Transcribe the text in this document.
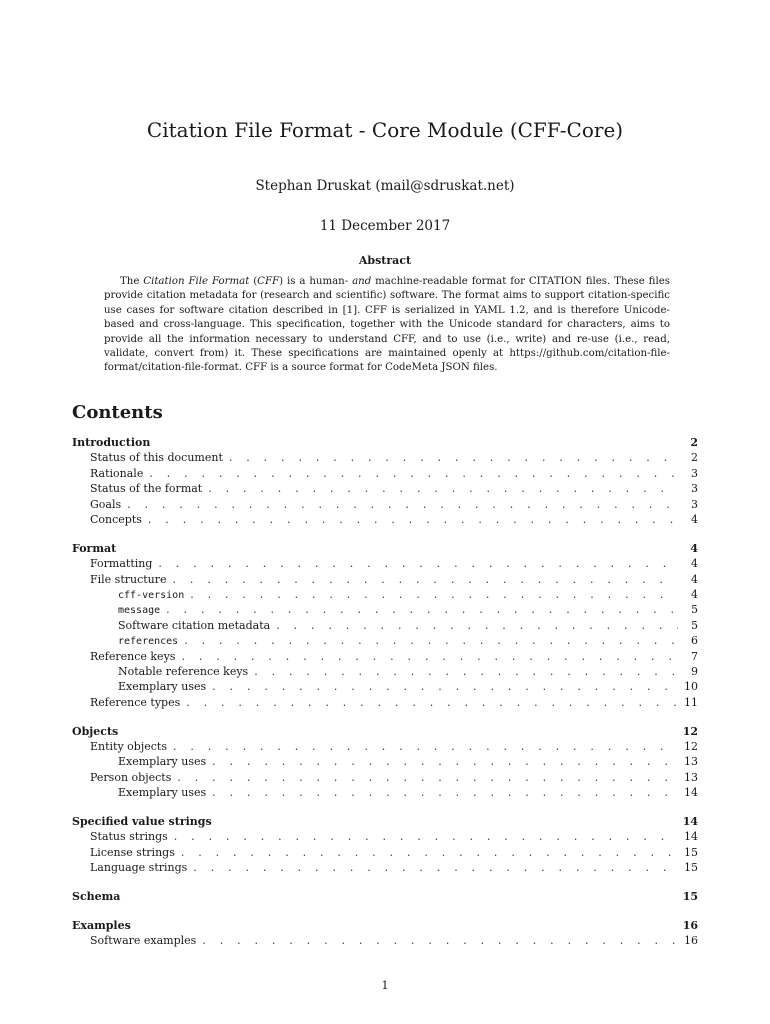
Citation File Format - Core Module (CFF-Core)
Stephan Druskat (mail@sdruskat.net)
11 December 2017
Abstract

The Citation File Format (CFF) is a human- and machine-readable format for CITATION files. These files provide citation metadata for (research and scientific) software. The format aims to support citation-specific use cases for software citation described in [1]. CFF is serialized in YAML 1.2, and is therefore Unicode-based and cross-language. This specification, together with the Unicode standard for characters, aims to provide all the information necessary to understand CFF, and to use (i.e., write) and re-use (i.e., read, validate, convert from) it. These specifications are maintained openly at https://github.com/citation-file-format/citation-file-format. CFF is a source format for CodeMeta JSON files.

Contents
Introduction	2
Status of this document . . .	2
Rationale . . .	3
Status of the format . . .	3
Goals . . .	3
Concepts . . .	4
Format	4
Formatting . . .	4
File structure . . .	4
cff-version . . .	4
message . . .	5
Software citation metadata . . .	5
references . . .	6
Reference keys . . .	7
Notable reference keys . . .	9
Exemplary uses . . .	10
Reference types . . .	11
Objects	12
Entity objects . . .	12
Exemplary uses . . .	13
Person objects . . .	13
Exemplary uses . . .	14
Specified value strings	14
Status strings . . .	14
License strings . . .	15
Language strings . . .	15
Schema	15
Examples	16
Software examples . . .	16
1
